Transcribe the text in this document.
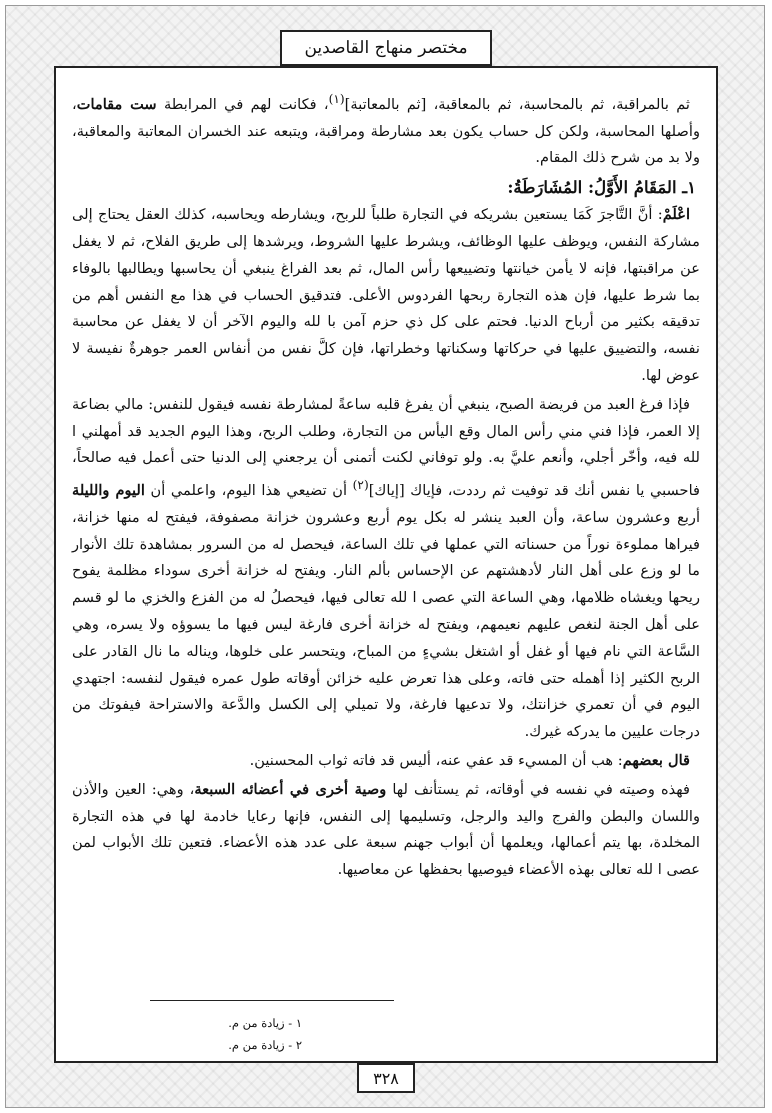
مختصر منهاج القاصدين

ثم بالمراقبة، ثم بالمحاسبة، ثم بالمعاقبة، [ثم بالمعاتبة]$^{(١)}$، فكانت لهم في المرابطة ست مقامات، وأصلها المحاسبة، ولكن كل حساب يكون بعد مشارطة ومراقبة، ويتبعه عند الخسران المعاتبة والمعاقبة، ولا بد من شرح ذلك المقام.

١ـ المَقَامُ الأَوَّلُ: المُشَارَطَةُ:

اعْلَمْ: أنَّ التَّاجرَ كَمَا يستعين بشريكه في التجارة طلباً للربح، ويشارطه ويحاسبه، كذلك العقل يحتاج إلى مشاركة النفس، ويوظف عليها الوظائف، ويشرط عليها الشروط، ويرشدها إلى طريق الفلاح، ثم لا يغفل عن مراقبتها، فإنه لا يأمن خيانتها وتضييعها رأس المال، ثم بعد الفراغ ينبغي أن يحاسبها ويطالبها بالوفاء بما شرط عليها، فإن هذه التجارة ربحها الفردوس الأعلى. فتدقيق الحساب في هذا مع النفس أهم من تدقيقه بكثير من أرباح الدنيا. فحتم على كل ذي حزم آمن با لله واليوم الآخر أن لا يغفل عن محاسبة نفسه، والتضييق عليها في حركاتها وسكناتها وخطراتها، فإن كلَّ نفس من أنفاس العمر جوهرةٌ نفيسة لا عوض لها.

فإذا فرغ العبد من فريضة الصبح، ينبغي أن يفرغ قلبه ساعةً لمشارطة نفسه فيقول للنفس: مالي بضاعة إلا العمر، فإذا فني مني رأس المال وقع اليأس من التجارة، وطلب الربح، وهذا اليوم الجديد قد أمهلني ا لله فيه، وأخّر أجلي، وأنعم عليَّ به. ولو توفاني لكنت أتمنى أن يرجعني إلى الدنيا حتى أعمل فيه صالحاً، فاحسبي يا نفس أنك قد توفيت ثم رددت، فإياك [إياك]$^{(٢)}$ أن تضيعي هذا اليوم، واعلمي أن اليوم والليلة أربع وعشرون ساعة، وأن العبد ينشر له بكل يوم أربع وعشرون خزانة مصفوفة، فيفتح له منها خزانة، فيراها مملوءة نوراً من حسناته التي عملها في تلك الساعة، فيحصل له من السرور بمشاهدة تلك الأنوار ما لو وزع على أهل النار لأدهشتهم عن الإحساس بألم النار. ويفتح له خزانة أخرى سوداء مظلمة يفوح ريحها ويغشاه ظلامها، وهي الساعة التي عصى ا لله تعالى فيها، فيحصلُ له من الفزع والخزي ما لو قسم على أهل الجنة لنغص عليهم نعيمهم، ويفتح له خزانة أخرى فارغة ليس فيها ما يسوؤه ولا يسره، وهي السَّاعة التي نام فيها أو غفل أو اشتغل بشيءٍ من المباح، ويتحسر على خلوها، ويناله ما نال القادر على الربح الكثير إذا أهمله حتى فاته، وعلى هذا تعرض عليه خزائن أوقاته طول عمره فيقول لنفسه: اجتهدي اليوم في أن تعمري خزانتك، ولا تدعيها فارغة، ولا تميلي إلى الكسل والدَّعة والاستراحة فيفوتك من درجات عليين ما يدركه غيرك.

قال بعضهم: هب أن المسيء قد عفي عنه، أليس قد فاته ثواب المحسنين.

فهذه وصيته في نفسه في أوقاته، ثم يستأنف لها وصية أخرى في أعضائه السبعة، وهي: العين والأذن واللسان والبطن والفرج واليد والرجل، وتسليمها إلى النفس، فإنها رعايا خادمة لها في هذه التجارة المخلدة، بها يتم أعمالها، ويعلمها أن أبواب جهنم سبعة على عدد هذه الأعضاء. فتعين تلك الأبواب لمن عصى ا لله تعالى بهذه الأعضاء فيوصيها بحفظها عن معاصيها.

١ - زيادة من م.
٢ - زيادة من م.
٣٢٨
